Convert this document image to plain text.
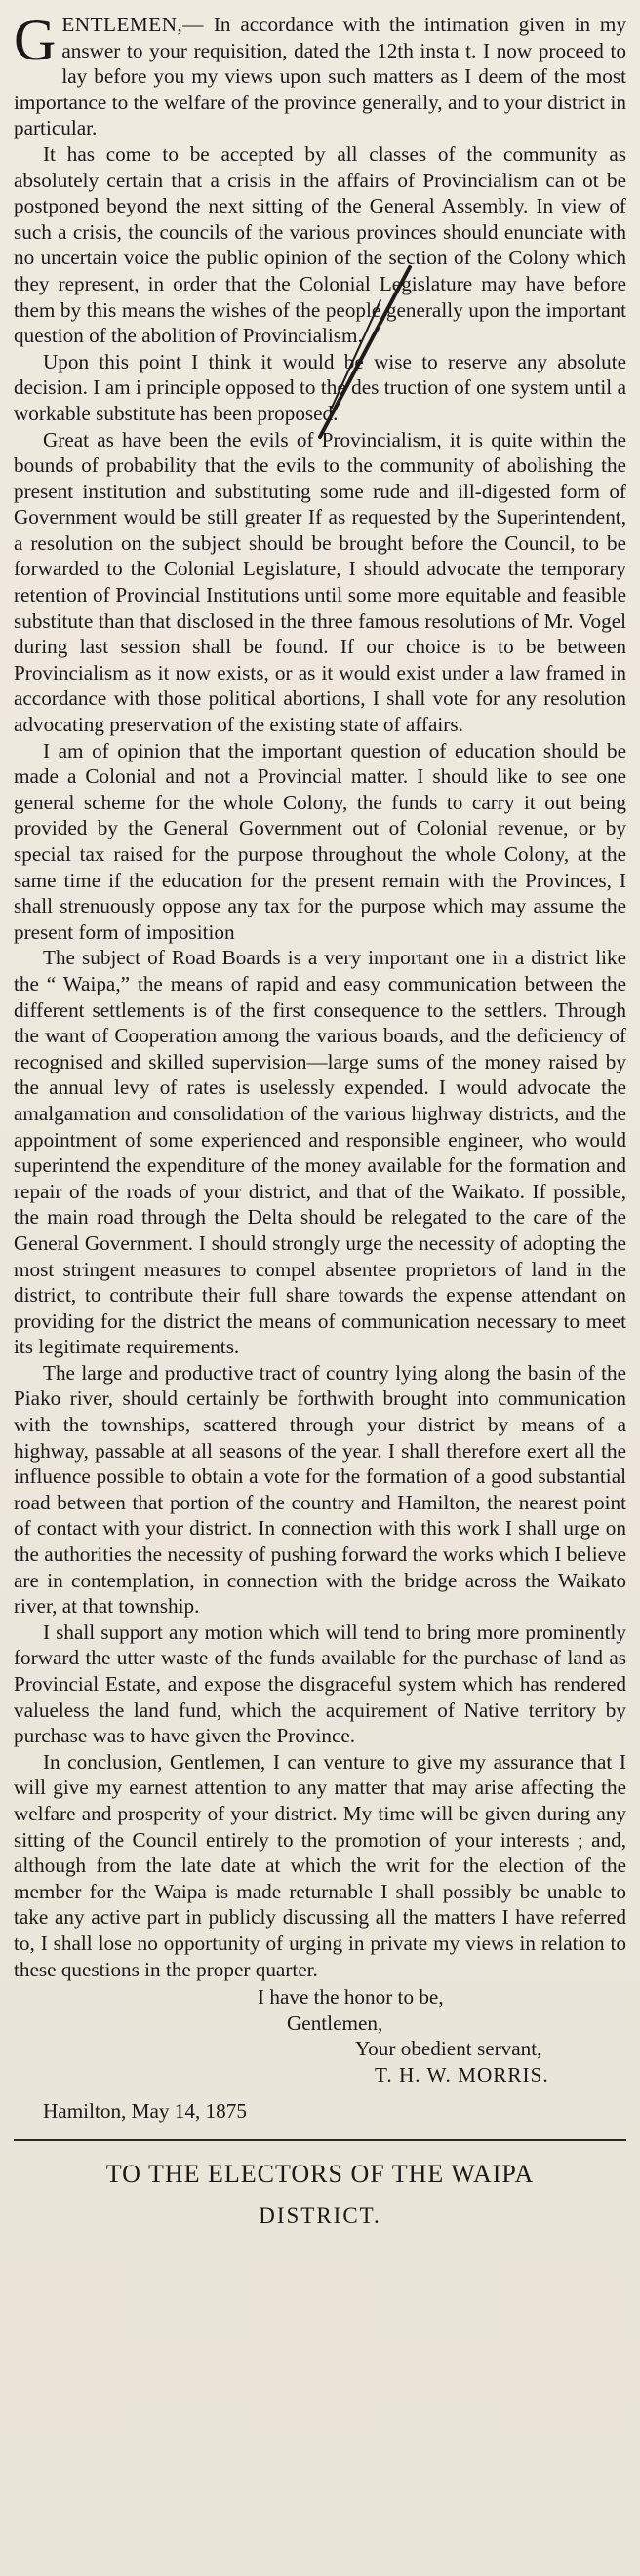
GENTLEMEN,— In accordance with the intimation given in my answer to your requisition, dated the 12th insta t. I now proceed to lay before you my views upon such matters as I deem of the most importance to the welfare of the province generally, and to your district in particular.

It has come to be accepted by all classes of the community as absolutely certain that a crisis in the affairs of Provincialism can ot be postponed beyond the next sitting of the General Assembly. In view of such a crisis, the councils of the various provinces should enunciate with no uncertain voice the public opinion of the section of the Colony which they represent, in order that the Colonial Legislature may have before them by this means the wishes of the people generally upon the important question of the abolition of Provincialism.

Upon this point I think it would be wise to reserve any absolute decision. I am i principle opposed to the des truction of one system until a workable substitute has been proposed.

Great as have been the evils of Provincialism, it is quite within the bounds of probability that the evils to the community of abolishing the present institution and substituting some rude and ill-digested form of Government would be still greater If as requested by the Superintendent, a resolution on the subject should be brought before the Council, to be forwarded to the Colonial Legislature, I should advocate the temporary retention of Provincial Institutions until some more equitable and feasible substitute than that disclosed in the three famous resolutions of Mr. Vogel during last session shall be found. If our choice is to be between Provincialism as it now exists, or as it would exist under a law framed in accordance with those political abortions, I shall vote for any resolution advocating preservation of the existing state of affairs.

I am of opinion that the important question of education should be made a Colonial and not a Provincial matter. I should like to see one general scheme for the whole Colony, the funds to carry it out being provided by the General Government out of Colonial revenue, or by special tax raised for the purpose throughout the whole Colony, at the same time if the education for the present remain with the Provinces, I shall strenuously oppose any tax for the purpose which may assume the present form of imposition

The subject of Road Boards is a very important one in a district like the “ Waipa,” the means of rapid and easy communication between the different settlements is of the first consequence to the settlers. Through the want of Cooperation among the various boards, and the deficiency of recognised and skilled supervision—large sums of the money raised by the annual levy of rates is uselessly expended. I would advocate the amalgamation and consolidation of the various highway districts, and the appointment of some experienced and responsible engineer, who would superintend the expenditure of the money available for the formation and repair of the roads of your district, and that of the Waikato. If possible, the main road through the Delta should be relegated to the care of the General Government. I should strongly urge the necessity of adopting the most stringent measures to compel absentee proprietors of land in the district, to contribute their full share towards the expense attendant on providing for the district the means of communication necessary to meet its legitimate requirements.

The large and productive tract of country lying along the basin of the Piako river, should certainly be forthwith brought into communication with the townships, scattered through your district by means of a highway, passable at all seasons of the year. I shall therefore exert all the influence possible to obtain a vote for the formation of a good substantial road between that portion of the country and Hamilton, the nearest point of contact with your district. In connection with this work I shall urge on the authorities the necessity of pushing forward the works which I believe are in contemplation, in connection with the bridge across the Waikato river, at that township.

I shall support any motion which will tend to bring more prominently forward the utter waste of the funds available for the purchase of land as Provincial Estate, and expose the disgraceful system which has rendered valueless the land fund, which the acquirement of Native territory by purchase was to have given the Province.

In conclusion, Gentlemen, I can venture to give my assurance that I will give my earnest attention to any matter that may arise affecting the welfare and prosperity of your district. My time will be given during any sitting of the Council entirely to the promotion of your interests ; and, although from the late date at which the writ for the election of the member for the Waipa is made returnable I shall possibly be unable to take any active part in publicly discussing all the matters I have referred to, I shall lose no opportunity of urging in private my views in relation to these questions in the proper quarter.

I have the honor to be,
Gentlemen,
Your obedient servant,
T. H. W. MORRIS.
Hamilton, May 14, 1875

TO THE ELECTORS OF THE WAIPA

DISTRICT.
